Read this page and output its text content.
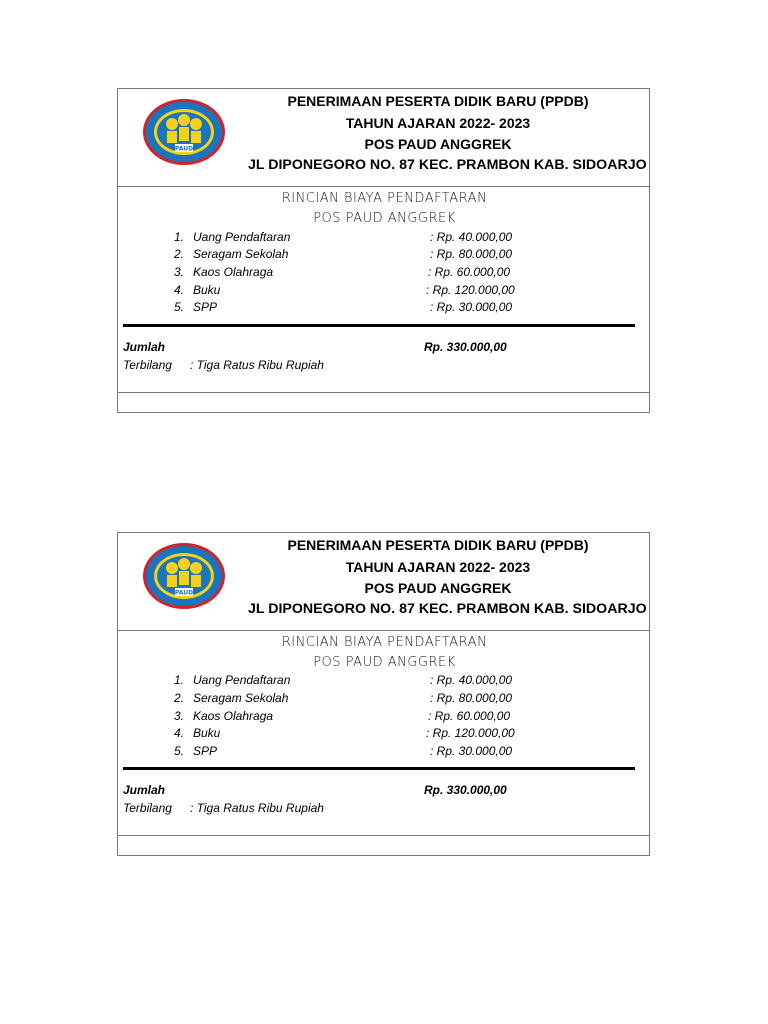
PAUD
PENERIMAAN PESERTA DIDIK BARU (PPDB)
TAHUN AJARAN 2022- 2023
POS PAUD ANGGREK
JL DIPONEGORO NO. 87 KEC. PRAMBON KAB. SIDOARJO
RINCIAN BIAYA PENDAFTARAN
POS PAUD ANGGREK
1. Uang Pendaftaran	: Rp. 40.000,00
2. Seragam Sekolah	: Rp. 80.000,00
3. Kaos Olahraga	: Rp. 60.000,00
4. Buku	: Rp. 120.000,00
5. SPP	: Rp. 30.000,00
Jumlah	Rp. 330.000,00
Terbilang : Tiga Ratus Ribu Rupiah
PAUD
PENERIMAAN PESERTA DIDIK BARU (PPDB)
TAHUN AJARAN 2022- 2023
POS PAUD ANGGREK
JL DIPONEGORO NO. 87 KEC. PRAMBON KAB. SIDOARJO
RINCIAN BIAYA PENDAFTARAN
POS PAUD ANGGREK
1. Uang Pendaftaran	: Rp. 40.000,00
2. Seragam Sekolah	: Rp. 80.000,00
3. Kaos Olahraga	: Rp. 60.000,00
4. Buku	: Rp. 120.000,00
5. SPP	: Rp. 30.000,00
Jumlah	Rp. 330.000,00
Terbilang : Tiga Ratus Ribu Rupiah
